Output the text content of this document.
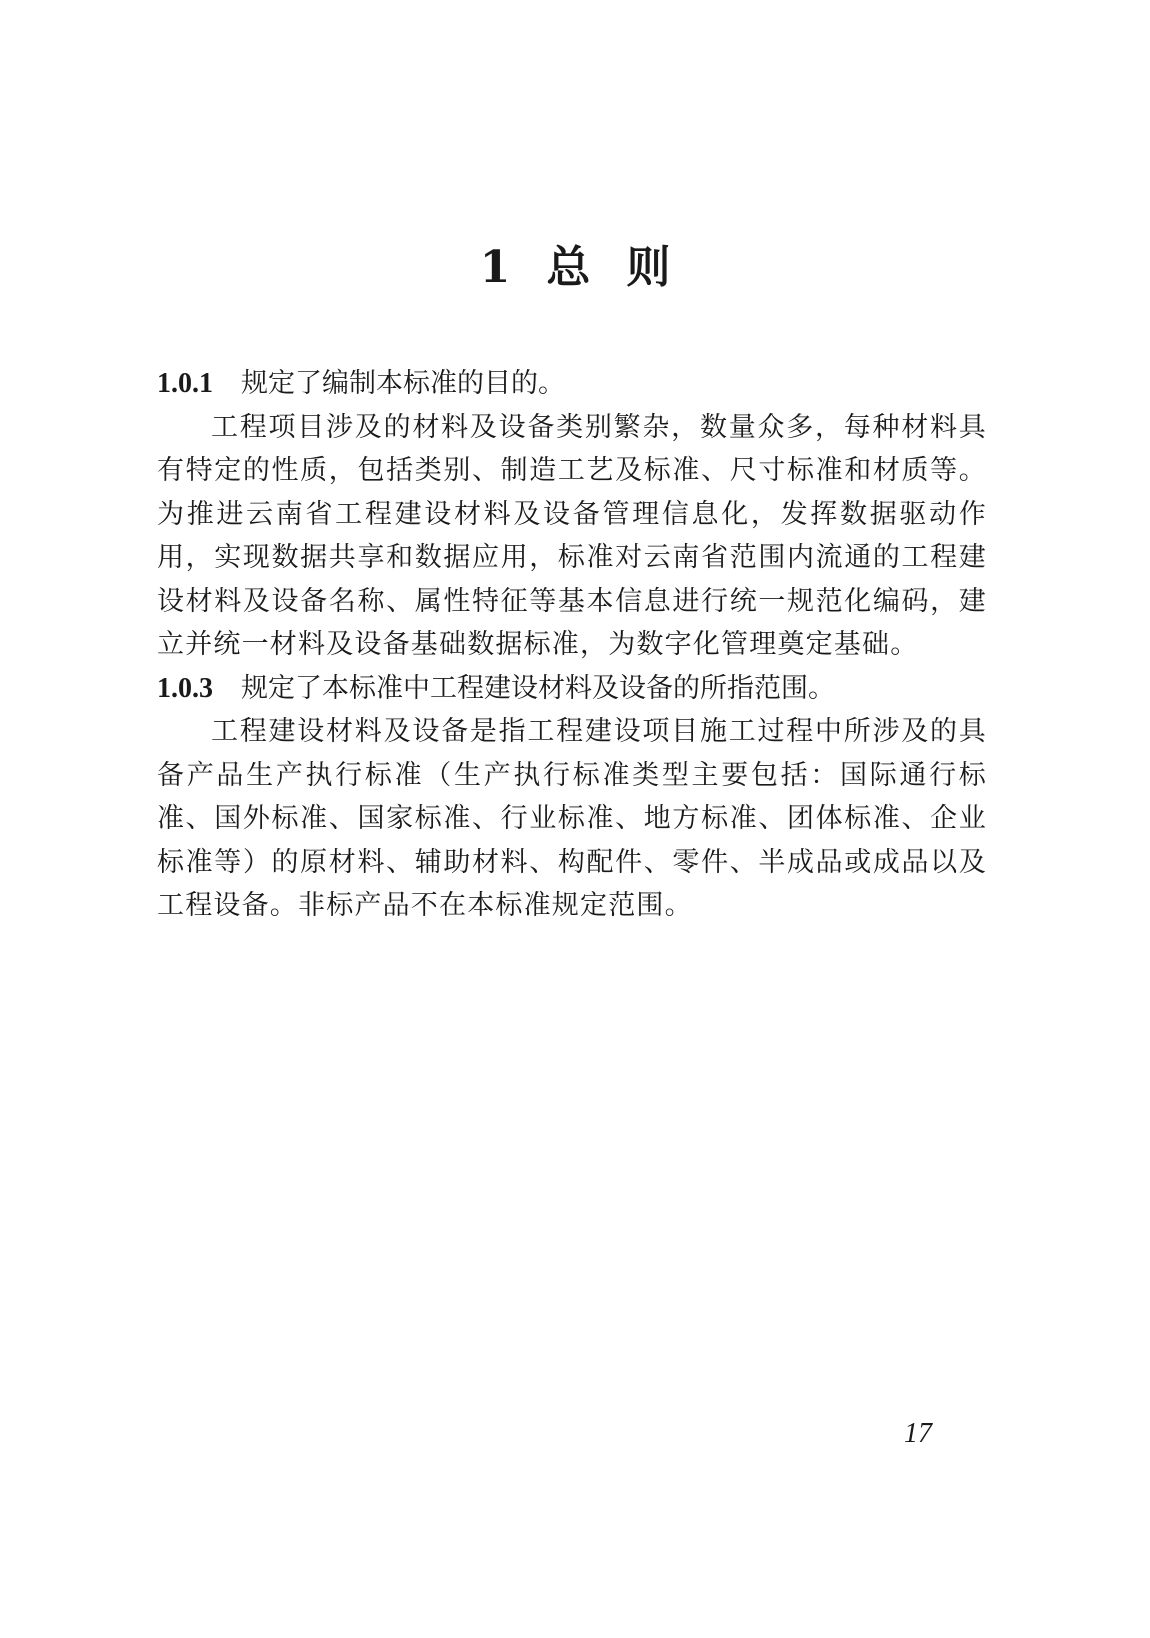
1 总 则
1.0.1 规定了编制本标准的目的。

工程项目涉及的材料及设备类别繁杂，数量众多，每种材料具有特定的性质，包括类别、制造工艺及标准、尺寸标准和材质等。为推进云南省工程建设材料及设备管理信息化，发挥数据驱动作用，实现数据共享和数据应用，标准对云南省范围内流通的工程建设材料及设备名称、属性特征等基本信息进行统一规范化编码，建立并统一材料及设备基础数据标准，为数字化管理奠定基础。

1.0.3 规定了本标准中工程建设材料及设备的所指范围。

工程建设材料及设备是指工程建设项目施工过程中所涉及的具备产品生产执行标准（生产执行标准类型主要包括：国际通行标准、国外标准、国家标准、行业标准、地方标准、团体标准、企业标准等）的原材料、辅助材料、构配件、零件、半成品或成品以及工程设备。非标产品不在本标准规定范围。

17
